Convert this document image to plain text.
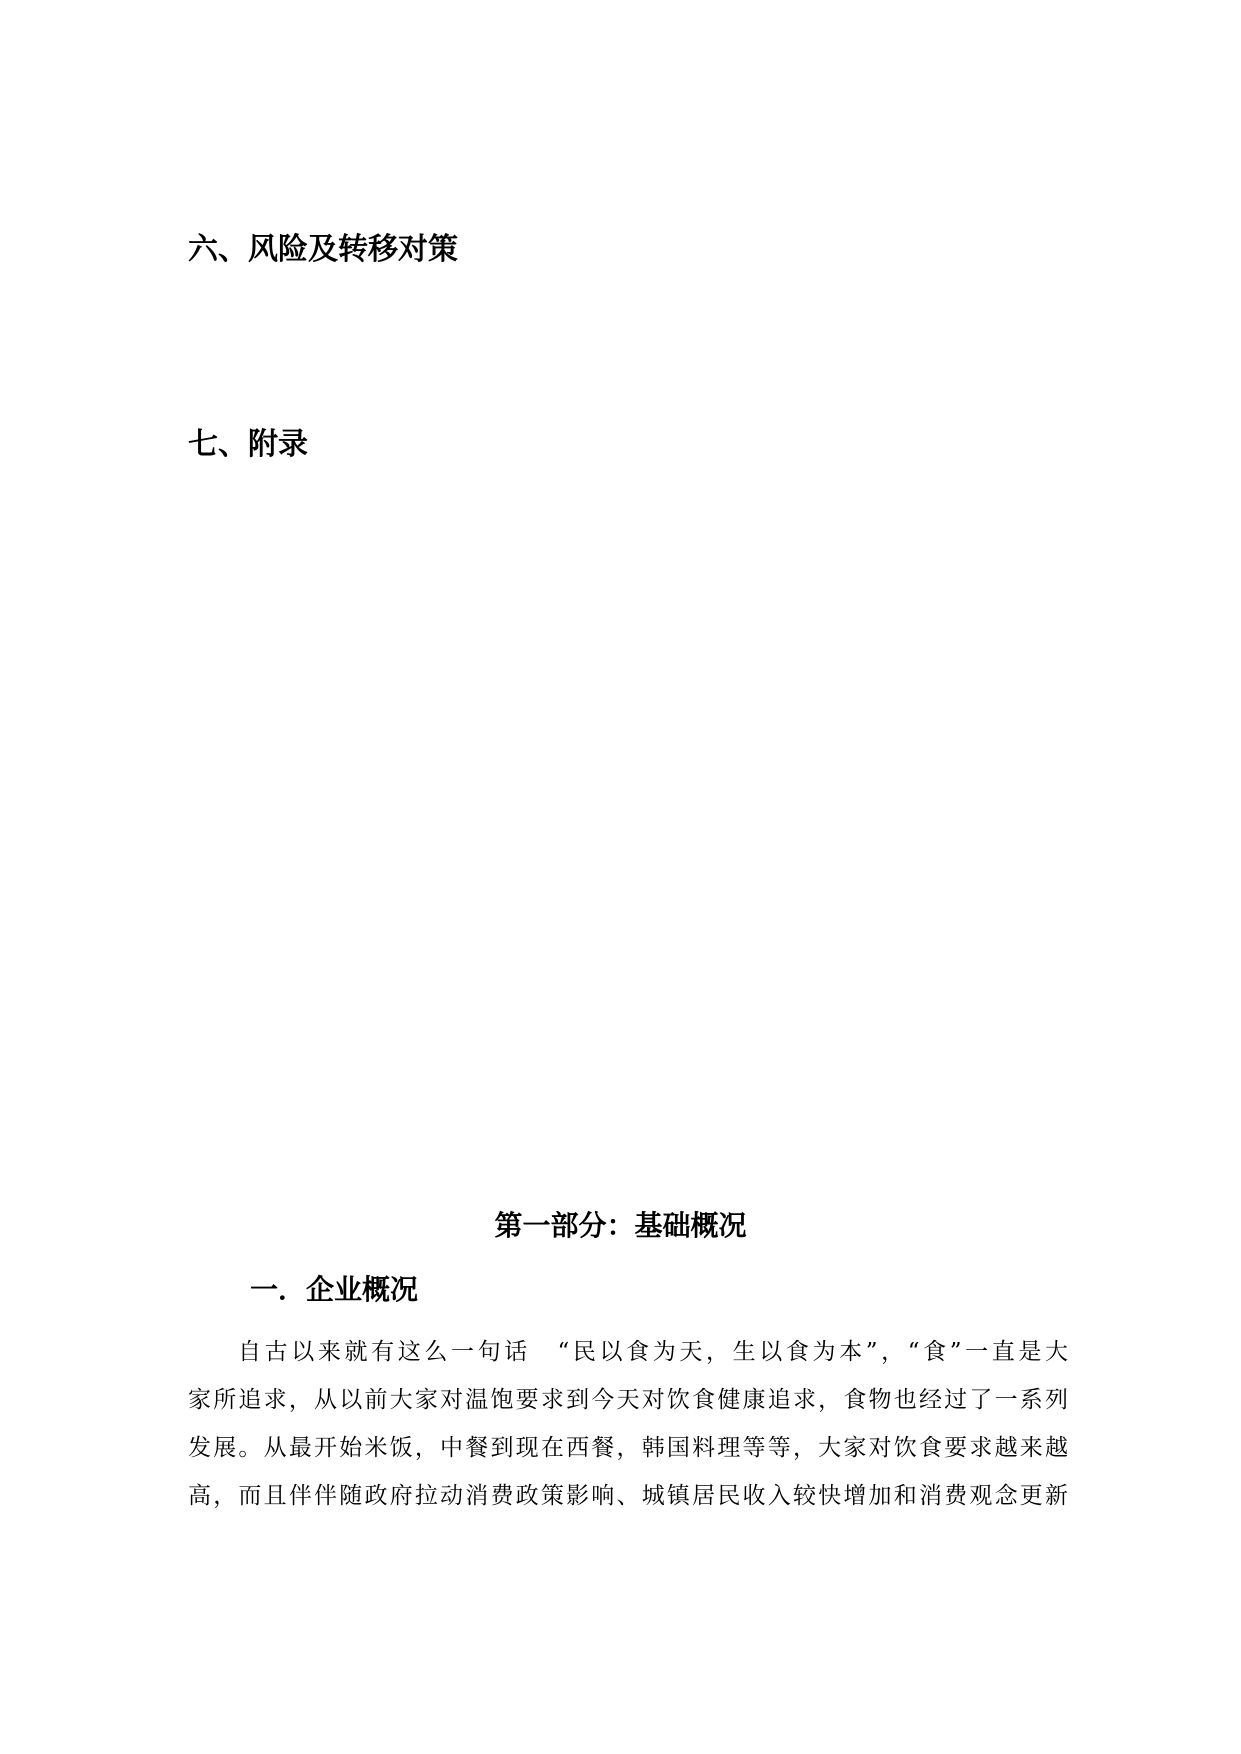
六、风险及转移对策
七、附录
第一部分：基础概况
一．企业概况
自古以来就有这么一句话　“民以食为天，生以食为本”，“食”一直是大
家所追求，从以前大家对温饱要求到今天对饮食健康追求，食物也经过了一系列
发展。从最开始米饭，中餐到现在西餐，韩国料理等等，大家对饮食要求越来越
高，而且伴伴随政府拉动消费政策影响、城镇居民收入较快增加和消费观念更新
